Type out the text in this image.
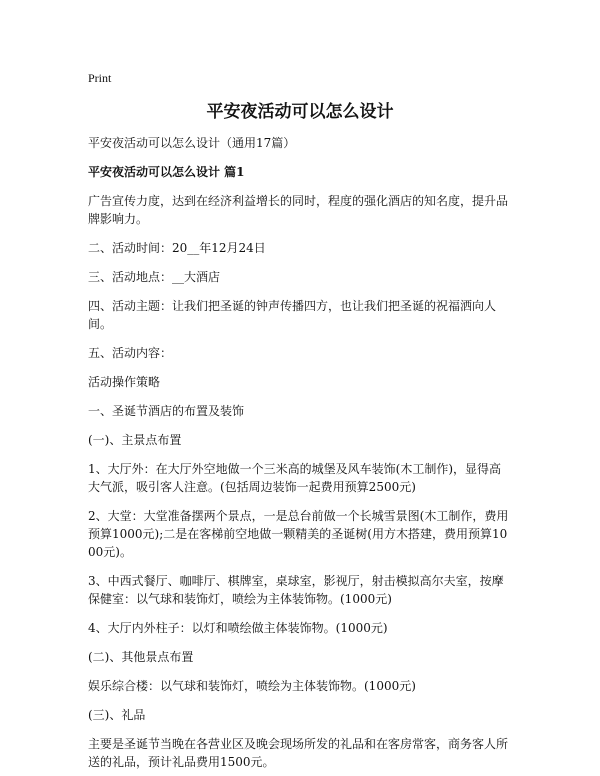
Print
平安夜活动可以怎么设计
平安夜活动可以怎么设计（通用17篇）
平安夜活动可以怎么设计 篇1
广告宣传力度，达到在经济利益增长的同时，程度的强化酒店的知名度，提升品牌影响力。
二、活动时间：20__年12月24日
三、活动地点：__大酒店
四、活动主题：让我们把圣诞的钟声传播四方，也让我们把圣诞的祝福洒向人间。
五、活动内容：
活动操作策略
一、圣诞节酒店的布置及装饰
(一)、主景点布置
1、大厅外：在大厅外空地做一个三米高的城堡及风车装饰(木工制作)，显得高大气派，吸引客人注意。(包括周边装饰一起费用预算2500元)
2、大堂：大堂准备摆两个景点，一是总台前做一个长城雪景图(木工制作，费用预算1000元);二是在客梯前空地做一颗精美的圣诞树(用方木搭建，费用预算1000元)。
3、中西式餐厅、咖啡厅、棋牌室，桌球室，影视厅，射击模拟高尔夫室，按摩保健室：以气球和装饰灯，喷绘为主体装饰物。(1000元)
4、大厅内外柱子：以灯和喷绘做主体装饰物。(1000元)
(二)、其他景点布置
娱乐综合楼：以气球和装饰灯，喷绘为主体装饰物。(1000元)
(三)、礼品
主要是圣诞节当晚在各营业区及晚会现场所发的礼品和在客房常客，商务客人所送的礼品，预计礼品费用1500元。
